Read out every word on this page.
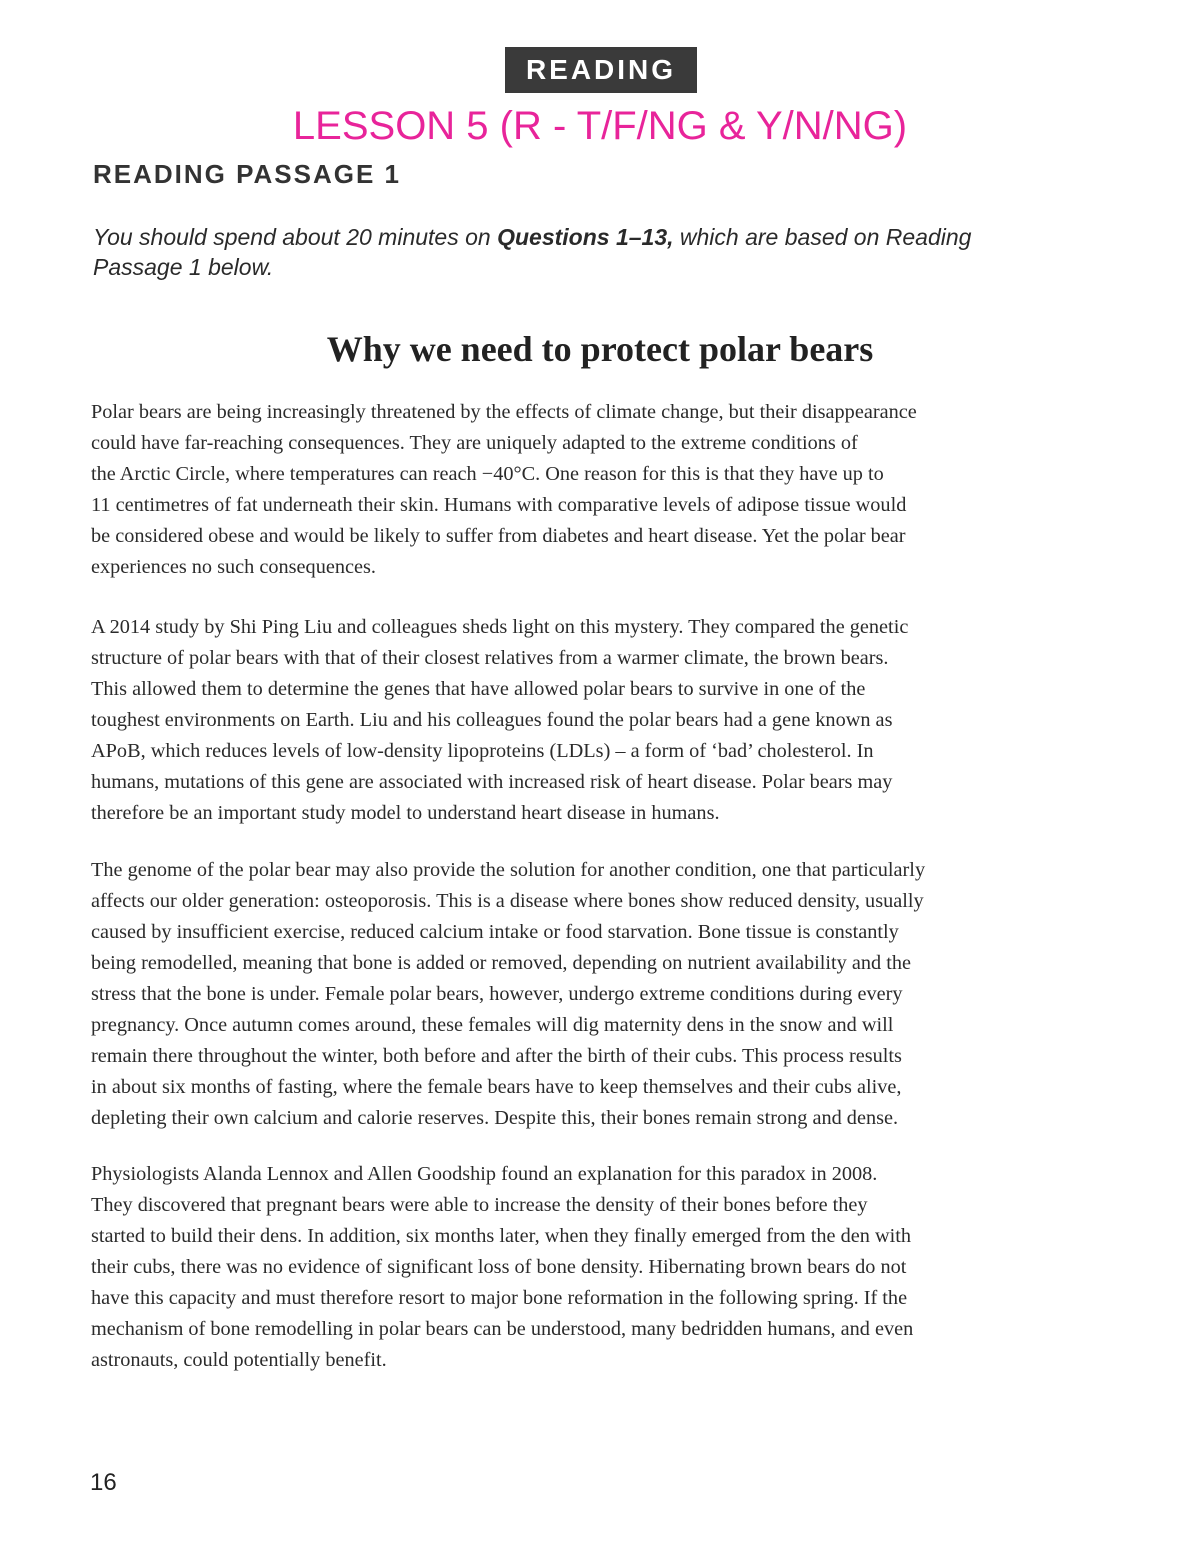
READING
LESSON 5 (R - T/F/NG & Y/N/NG)
READING PASSAGE 1
You should spend about 20 minutes on Questions 1–13, which are based on Reading
Passage 1 below.
Why we need to protect polar bears
Polar bears are being increasingly threatened by the effects of climate change, but their disappearance
could have far-reaching consequences. They are uniquely adapted to the extreme conditions of
the Arctic Circle, where temperatures can reach −40°C. One reason for this is that they have up to
11 centimetres of fat underneath their skin. Humans with comparative levels of adipose tissue would
be considered obese and would be likely to suffer from diabetes and heart disease. Yet the polar bear
experiences no such consequences.
A 2014 study by Shi Ping Liu and colleagues sheds light on this mystery. They compared the genetic
structure of polar bears with that of their closest relatives from a warmer climate, the brown bears.
This allowed them to determine the genes that have allowed polar bears to survive in one of the
toughest environments on Earth. Liu and his colleagues found the polar bears had a gene known as
APoB, which reduces levels of low-density lipoproteins (LDLs) – a form of ‘bad’ cholesterol. In
humans, mutations of this gene are associated with increased risk of heart disease. Polar bears may
therefore be an important study model to understand heart disease in humans.
The genome of the polar bear may also provide the solution for another condition, one that particularly
affects our older generation: osteoporosis. This is a disease where bones show reduced density, usually
caused by insufficient exercise, reduced calcium intake or food starvation. Bone tissue is constantly
being remodelled, meaning that bone is added or removed, depending on nutrient availability and the
stress that the bone is under. Female polar bears, however, undergo extreme conditions during every
pregnancy. Once autumn comes around, these females will dig maternity dens in the snow and will
remain there throughout the winter, both before and after the birth of their cubs. This process results
in about six months of fasting, where the female bears have to keep themselves and their cubs alive,
depleting their own calcium and calorie reserves. Despite this, their bones remain strong and dense.
Physiologists Alanda Lennox and Allen Goodship found an explanation for this paradox in 2008.
They discovered that pregnant bears were able to increase the density of their bones before they
started to build their dens. In addition, six months later, when they finally emerged from the den with
their cubs, there was no evidence of significant loss of bone density. Hibernating brown bears do not
have this capacity and must therefore resort to major bone reformation in the following spring. If the
mechanism of bone remodelling in polar bears can be understood, many bedridden humans, and even
astronauts, could potentially benefit.
16
